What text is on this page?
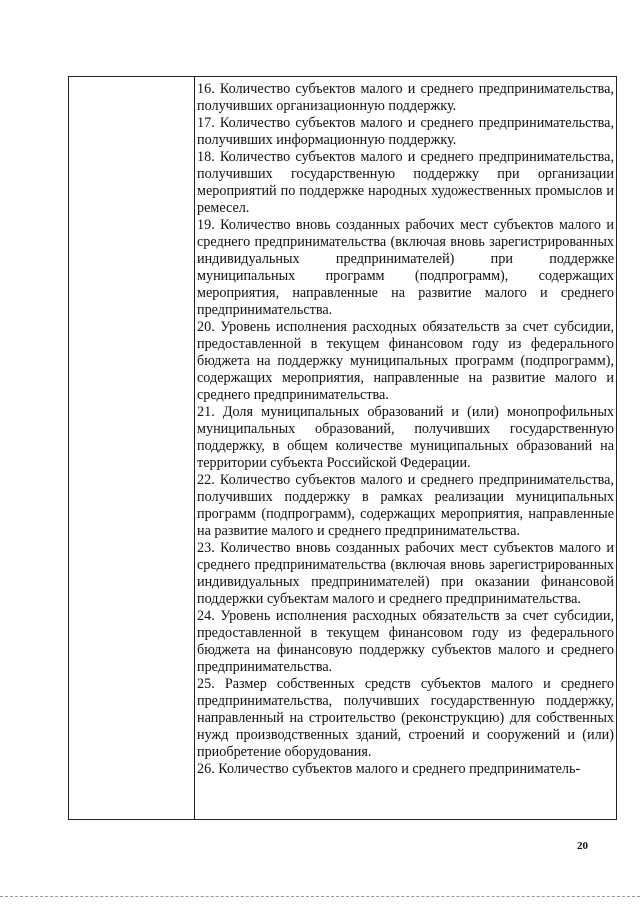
16. Количество субъектов малого и среднего предпринимательства, получивших организационную поддержку.

17. Количество субъектов малого и среднего предпринимательства, получивших информационную поддержку.

18. Количество субъектов малого и среднего предпринимательства, получивших государственную поддержку при организации мероприятий по поддержке народных художественных промыслов и ремесел.

19. Количество вновь созданных рабочих мест субъектов малого и среднего предпринимательства (включая вновь зарегистрированных индивидуальных предпринимателей) при поддержке муниципальных программ (подпрограмм), содержащих мероприятия, направленные на развитие малого и среднего предпринимательства.

20. Уровень исполнения расходных обязательств за счет субсидии, предоставленной в текущем финансовом году из федерального бюджета на поддержку муниципальных программ (подпрограмм), содержащих мероприятия, направленные на развитие малого и среднего предпринимательства.

21. Доля муниципальных образований и (или) монопрофильных муниципальных образований, получивших государственную поддержку, в общем количестве муниципальных образований на территории субъекта Российской Федерации.

22. Количество субъектов малого и среднего предпринимательства, получивших поддержку в рамках реализации муниципальных программ (подпрограмм), содержащих мероприятия, направленные на развитие малого и среднего предпринимательства.

23. Количество вновь созданных рабочих мест субъектов малого и среднего предпринимательства (включая вновь зарегистрированных индивидуальных предпринимателей) при оказании финансовой поддержки субъектам малого и среднего предпринимательства.

24. Уровень исполнения расходных обязательств за счет субсидии, предоставленной в текущем финансовом году из федерального бюджета на финансовую поддержку субъектов малого и среднего предпринимательства.

25. Размер собственных средств субъектов малого и среднего предпринимательства, получивших государственную поддержку, направленный на строительство (реконструкцию) для собственных нужд производственных зданий, строений и сооружений и (или) приобретение оборудования.

26. Количество субъектов малого и среднего предприниматель-

20
